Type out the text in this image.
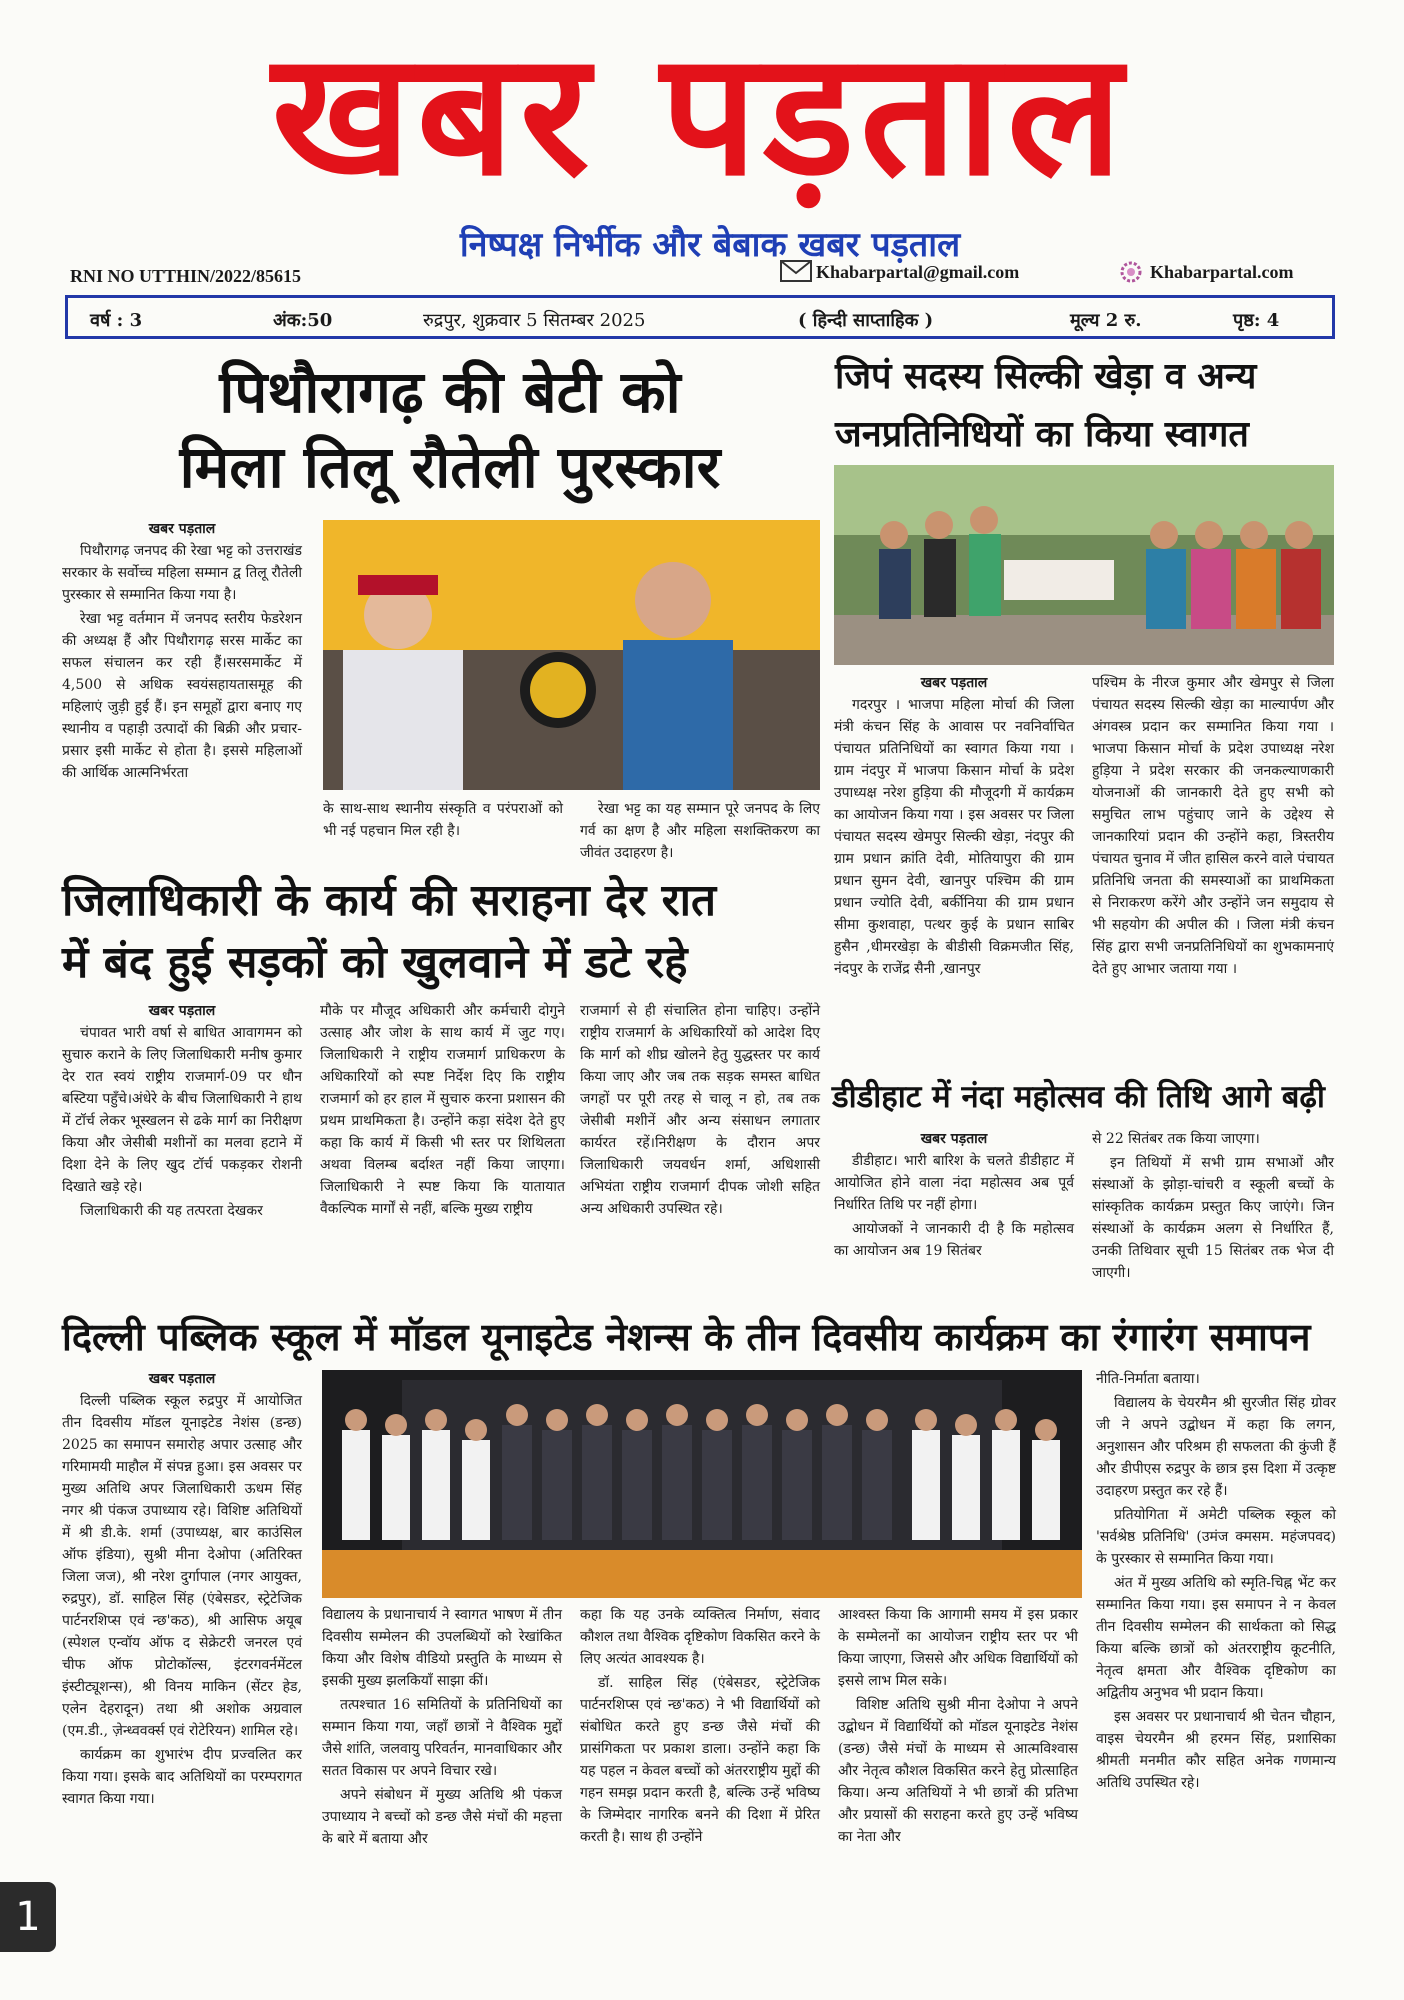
खबर पड़ताल
निष्पक्ष निर्भीक और बेबाक खबर पड़ताल
RNI NO UTTHIN/2022/85615	Khabarpartal@gmail.com	Khabarpartal.com
वर्ष : 3	अंक:50	रुद्रपुर, शुक्रवार 5 सितम्बर 2025	( हिन्दी साप्ताहिक )	मूल्य 2 रु.	पृष्ठ: 4
पिथौरागढ़ की बेटी को
मिला तिलू रौतेली पुरस्कार
खबर पड़ताल

पिथौरागढ़ जनपद की रेखा भट्ट को उत्तराखंड सरकार के सर्वोच्च महिला सम्मान द्व तिलू रौतेली पुरस्कार से सम्मानित किया गया है।

रेखा भट्ट वर्तमान में जनपद स्तरीय फेडरेशन की अध्यक्ष हैं और पिथौरागढ़ सरस मार्केट का सफल संचालन कर रही हैं।सरसमार्केट में 4,500 से अधिक स्वयंसहायतासमूह की महिलाएं जुड़ी हुई हैं। इन समूहों द्वारा बनाए गए स्थानीय व पहाड़ी उत्पादों की बिक्री और प्रचार-प्रसार इसी मार्केट से होता है। इससे महिलाओं की आर्थिक आत्मनिर्भरता

के साथ-साथ स्थानीय संस्कृति व परंपराओं को भी नई पहचान मिल रही है।

रेखा भट्ट का यह सम्मान पूरे जनपद के लिए गर्व का क्षण है और महिला सशक्तिकरण का जीवंत उदाहरण है।

जिपं सदस्य सिल्की खेड़ा व अन्य
जनप्रतिनिधियों का किया स्वागत
खबर पड़ताल

गदरपुर । भाजपा महिला मोर्चा की जिला मंत्री कंचन सिंह के आवास पर नवनिर्वाचित पंचायत प्रतिनिधियों का स्वागत किया गया । ग्राम नंदपुर में भाजपा किसान मोर्चा के प्रदेश उपाध्यक्ष नरेश हुड़िया की मौजूदगी में कार्यक्रम का आयोजन किया गया । इस अवसर पर जिला पंचायत सदस्य खेमपुर सिल्की खेड़ा, नंदपुर की ग्राम प्रधान क्रांति देवी, मोतियापुरा की ग्राम प्रधान सुमन देवी, खानपुर पश्चिम की ग्राम प्रधान ज्योति देवी, बर्कीनिया की ग्राम प्रधान सीमा कुशवाहा, पत्थर कुई के प्रधान साबिर हुसैन ,धीमरखेड़ा के बीडीसी विक्रमजीत सिंह, नंदपुर के राजेंद्र सैनी ,खानपुर

पश्चिम के नीरज कुमार और खेमपुर से जिला पंचायत सदस्य सिल्की खेड़ा का माल्यार्पण और अंगवस्त्र प्रदान कर सम्मानित किया गया । भाजपा किसान मोर्चा के प्रदेश उपाध्यक्ष नरेश हुड़िया ने प्रदेश सरकार की जनकल्याणकारी योजनाओं की जानकारी देते हुए सभी को समुचित लाभ पहुंचाए जाने के उद्देश्य से जानकारियां प्रदान की उन्होंने कहा, त्रिस्तरीय पंचायत चुनाव में जीत हासिल करने वाले पंचायत प्रतिनिधि जनता की समस्याओं का प्राथमिकता से निराकरण करेंगे और उन्होंने जन समुदाय से भी सहयोग की अपील की । जिला मंत्री कंचन सिंह द्वारा सभी जनप्रतिनिधियों का शुभकामनाएं देते हुए आभार जताया गया ।

जिलाधिकारी के कार्य की सराहना देर रात
में बंद हुई सड़कों को खुलवाने में डटे रहे
खबर पड़ताल

चंपावत भारी वर्षा से बाधित आवागमन को सुचारु कराने के लिए जिलाधिकारी मनीष कुमार देर रात स्वयं राष्ट्रीय राजमार्ग-09 पर धौन बस्टिया पहुँचे।अंधेरे के बीच जिलाधिकारी ने हाथ में टॉर्च लेकर भूस्खलन से ढके मार्ग का निरीक्षण किया और जेसीबी मशीनों का मलवा हटाने में दिशा देने के लिए खुद टॉर्च पकड़कर रोशनी दिखाते खड़े रहे।

जिलाधिकारी की यह तत्परता देखकर

मौके पर मौजूद अधिकारी और कर्मचारी दोगुने उत्साह और जोश के साथ कार्य में जुट गए।जिलाधिकारी ने राष्ट्रीय राजमार्ग प्राधिकरण के अधिकारियों को स्पष्ट निर्देश दिए कि राष्ट्रीय राजमार्ग को हर हाल में सुचारु करना प्रशासन की प्रथम प्राथमिकता है। उन्होंने कड़ा संदेश देते हुए कहा कि कार्य में किसी भी स्तर पर शिथिलता अथवा विलम्ब बर्दाश्त नहीं किया जाएगा।जिलाधिकारी ने स्पष्ट किया कि यातायात वैकल्पिक मार्गों से नहीं, बल्कि मुख्य राष्ट्रीय

राजमार्ग से ही संचालित होना चाहिए। उन्होंने राष्ट्रीय राजमार्ग के अधिकारियों को आदेश दिए कि मार्ग को शीघ्र खोलने हेतु युद्धस्तर पर कार्य किया जाए और जब तक सड़क समस्त बाधित जगहों पर पूरी तरह से चालू न हो, तब तक जेसीबी मशीनें और अन्य संसाधन लगातार कार्यरत रहें।निरीक्षण के दौरान अपर जिलाधिकारी जयवर्धन शर्मा, अधिशासी अभियंता राष्ट्रीय राजमार्ग दीपक जोशी सहित अन्य अधिकारी उपस्थित रहे।

डीडीहाट में नंदा महोत्सव की तिथि आगे बढ़ी
खबर पड़ताल

डीडीहाट। भारी बारिश के चलते डीडीहाट में आयोजित होने वाला नंदा महोत्सव अब पूर्व निर्धारित तिथि पर नहीं होगा।

आयोजकों ने जानकारी दी है कि महोत्सव का आयोजन अब 19 सितंबर

से 22 सितंबर तक किया जाएगा।

इन तिथियों में सभी ग्राम सभाओं और संस्थाओं के झोड़ा-चांचरी व स्कूली बच्चों के सांस्कृतिक कार्यक्रम प्रस्तुत किए जाएंगे। जिन संस्थाओं के कार्यक्रम अलग से निर्धारित हैं, उनकी तिथिवार सूची 15 सितंबर तक भेज दी जाएगी।

दिल्ली पब्लिक स्कूल में मॉडल यूनाइटेड नेशन्स के तीन दिवसीय कार्यक्रम का रंगारंग समापन
खबर पड़ताल

दिल्ली पब्लिक स्कूल रुद्रपुर में आयोजित तीन दिवसीय मॉडल यूनाइटेड नेशंस (डन्छ) 2025 का समापन समारोह अपार उत्साह और गरिमामयी माहौल में संपन्न हुआ। इस अवसर पर मुख्य अतिथि अपर जिलाधिकारी ऊधम सिंह नगर श्री पंकज उपाध्याय रहे। विशिष्ट अतिथियों में श्री डी.के. शर्मा (उपाध्यक्ष, बार काउंसिल ऑफ इंडिया), सुश्री मीना देओपा (अतिरिक्त जिला जज), श्री नरेश दुर्गापाल (नगर आयुक्त, रुद्रपुर), डॉ. साहिल सिंह (एंबेसडर, स्ट्रेटेजिक पार्टनरशिप्स एवं न्छ'कठ), श्री आसिफ अयूब (स्पेशल एन्वॉय ऑफ द सेक्रेटरी जनरल एवं चीफ ऑफ प्रोटोकॉल्स, इंटरगवर्नमेंटल इंस्टीट्यूशन्स), श्री विनय माकिन (सेंटर हेड, एलेन देहरादून) तथा श्री अशोक अग्रवाल (एम.डी., ज़ेन्ध्ववर्क्स एवं रोटेरियन) शामिल रहे।

कार्यक्रम का शुभारंभ दीप प्रज्वलित कर किया गया। इसके बाद अतिथियों का परम्परागत स्वागत किया गया।

विद्यालय के प्रधानाचार्य ने स्वागत भाषण में तीन दिवसीय सम्मेलन की उपलब्धियों को रेखांकित किया और विशेष वीडियो प्रस्तुति के माध्यम से इसकी मुख्य झलकियाँ साझा कीं।

तत्पश्चात 16 समितियों के प्रतिनिधियों का सम्मान किया गया, जहाँ छात्रों ने वैश्विक मुद्दों जैसे शांति, जलवायु परिवर्तन, मानवाधिकार और सतत विकास पर अपने विचार रखे।

अपने संबोधन में मुख्य अतिथि श्री पंकज उपाध्याय ने बच्चों को डन्छ जैसे मंचों की महत्ता के बारे में बताया और

कहा कि यह उनके व्यक्तित्व निर्माण, संवाद कौशल तथा वैश्विक दृष्टिकोण विकसित करने के लिए अत्यंत आवश्यक है।

डॉ. साहिल सिंह (एंबेसडर, स्ट्रेटेजिक पार्टनरशिप्स एवं न्छ'कठ) ने भी विद्यार्थियों को संबोधित करते हुए डन्छ जैसे मंचों की प्रासंगिकता पर प्रकाश डाला। उन्होंने कहा कि यह पहल न केवल बच्चों को अंतरराष्ट्रीय मुद्दों की गहन समझ प्रदान करती है, बल्कि उन्हें भविष्य के जिम्मेदार नागरिक बनने की दिशा में प्रेरित करती है। साथ ही उन्होंने

आश्वस्त किया कि आगामी समय में इस प्रकार के सम्मेलनों का आयोजन राष्ट्रीय स्तर पर भी किया जाएगा, जिससे और अधिक विद्यार्थियों को इससे लाभ मिल सके।

विशिष्ट अतिथि सुश्री मीना देओपा ने अपने उद्बोधन में विद्यार्थियों को मॉडल यूनाइटेड नेशंस (डन्छ) जैसे मंचों के माध्यम से आत्मविश्वास और नेतृत्व कौशल विकसित करने हेतु प्रोत्साहित किया। अन्य अतिथियों ने भी छात्रों की प्रतिभा और प्रयासों की सराहना करते हुए उन्हें भविष्य का नेता और

नीति-निर्माता बताया।

विद्यालय के चेयरमैन श्री सुरजीत सिंह ग्रोवर जी ने अपने उद्बोधन में कहा कि लगन, अनुशासन और परिश्रम ही सफलता की कुंजी हैं और डीपीएस रुद्रपुर के छात्र इस दिशा में उत्कृष्ट उदाहरण प्रस्तुत कर रहे हैं।

प्रतियोगिता में अमेटी पब्लिक स्कूल को 'सर्वश्रेष्ठ प्रतिनिधि' (उमंज क्मसम. महंजपवद) के पुरस्कार से सम्मानित किया गया।

अंत में मुख्य अतिथि को स्मृति-चिह्न भेंट कर सम्मानित किया गया। इस समापन ने न केवल तीन दिवसीय सम्मेलन की सार्थकता को सिद्ध किया बल्कि छात्रों को अंतरराष्ट्रीय कूटनीति, नेतृत्व क्षमता और वैश्विक दृष्टिकोण का अद्वितीय अनुभव भी प्रदान किया।

इस अवसर पर प्रधानाचार्य श्री चेतन चौहान, वाइस चेयरमैन श्री हरमन सिंह, प्रशासिका श्रीमती मनमीत कौर सहित अनेक गणमान्य अतिथि उपस्थित रहे।

1
